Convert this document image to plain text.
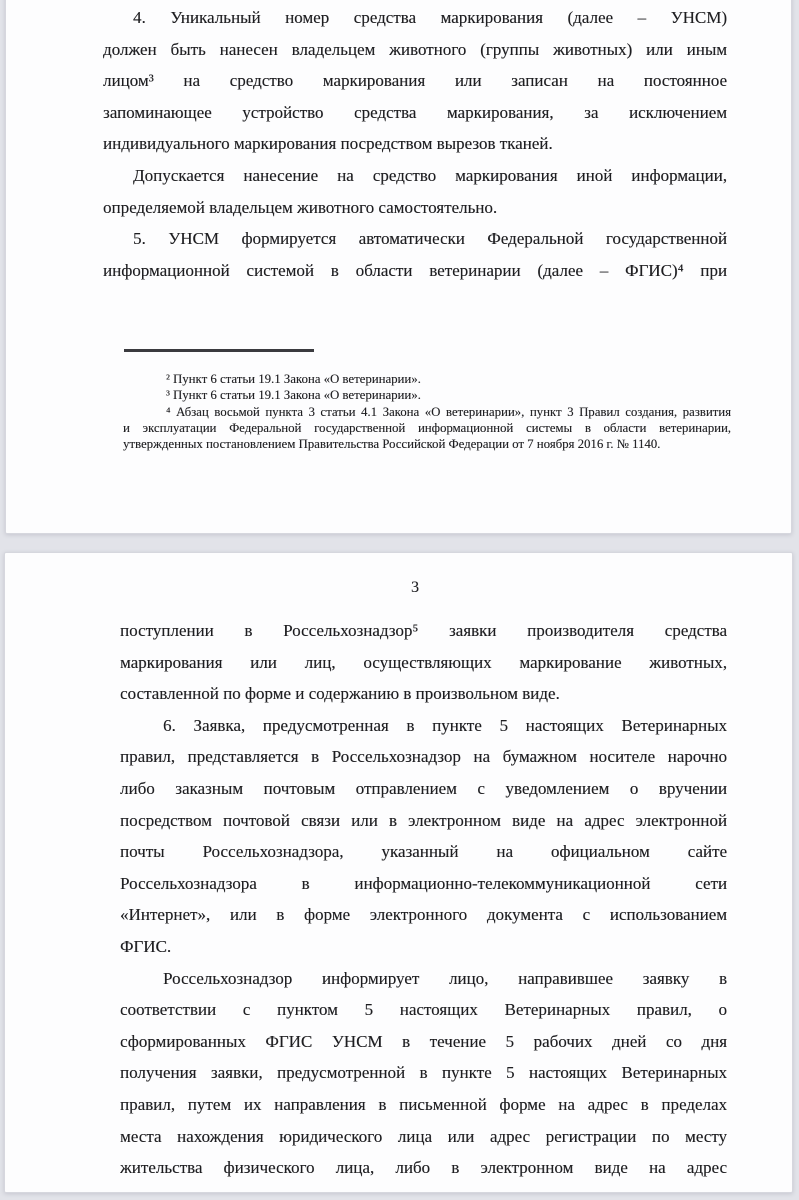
4. Уникальный номер средства маркирования (далее – УНСМ)
должен быть нанесен владельцем животного (группы животных) или иным
лицом³ на средство маркирования или записан на постоянное
запоминающее устройство средства маркирования, за исключением
индивидуального маркирования посредством вырезов тканей.
Допускается нанесение на средство маркирования иной информации,
определяемой владельцем животного самостоятельно.
5. УНСМ формируется автоматически Федеральной государственной
информационной системой в области ветеринарии (далее – ФГИС)⁴ при
² Пункт 6 статьи 19.1 Закона «О ветеринарии».
³ Пункт 6 статьи 19.1 Закона «О ветеринарии».
⁴ Абзац восьмой пункта 3 статьи 4.1 Закона «О ветеринарии», пункт 3 Правил создания, развития
и эксплуатации Федеральной государственной информационной системы в области ветеринарии,
утвержденных постановлением Правительства Российской Федерации от 7 ноября 2016 г. № 1140.
3
поступлении в Россельхознадзор⁵ заявки производителя средства
маркирования или лиц, осуществляющих маркирование животных,
составленной по форме и содержанию в произвольном виде.
6. Заявка, предусмотренная в пункте 5 настоящих Ветеринарных
правил, представляется в Россельхознадзор на бумажном носителе нарочно
либо заказным почтовым отправлением с уведомлением о вручении
посредством почтовой связи или в электронном виде на адрес электронной
почты Россельхознадзора, указанный на официальном сайте
Россельхознадзора в информационно-телекоммуникационной сети
«Интернет», или в форме электронного документа с использованием
ФГИС.
Россельхознадзор информирует лицо, направившее заявку в
соответствии с пунктом 5 настоящих Ветеринарных правил, о
сформированных ФГИС УНСМ в течение 5 рабочих дней со дня
получения заявки, предусмотренной в пункте 5 настоящих Ветеринарных
правил, путем их направления в письменной форме на адрес в пределах
места нахождения юридического лица или адрес регистрации по месту
жительства физического лица, либо в электронном виде на адрес
